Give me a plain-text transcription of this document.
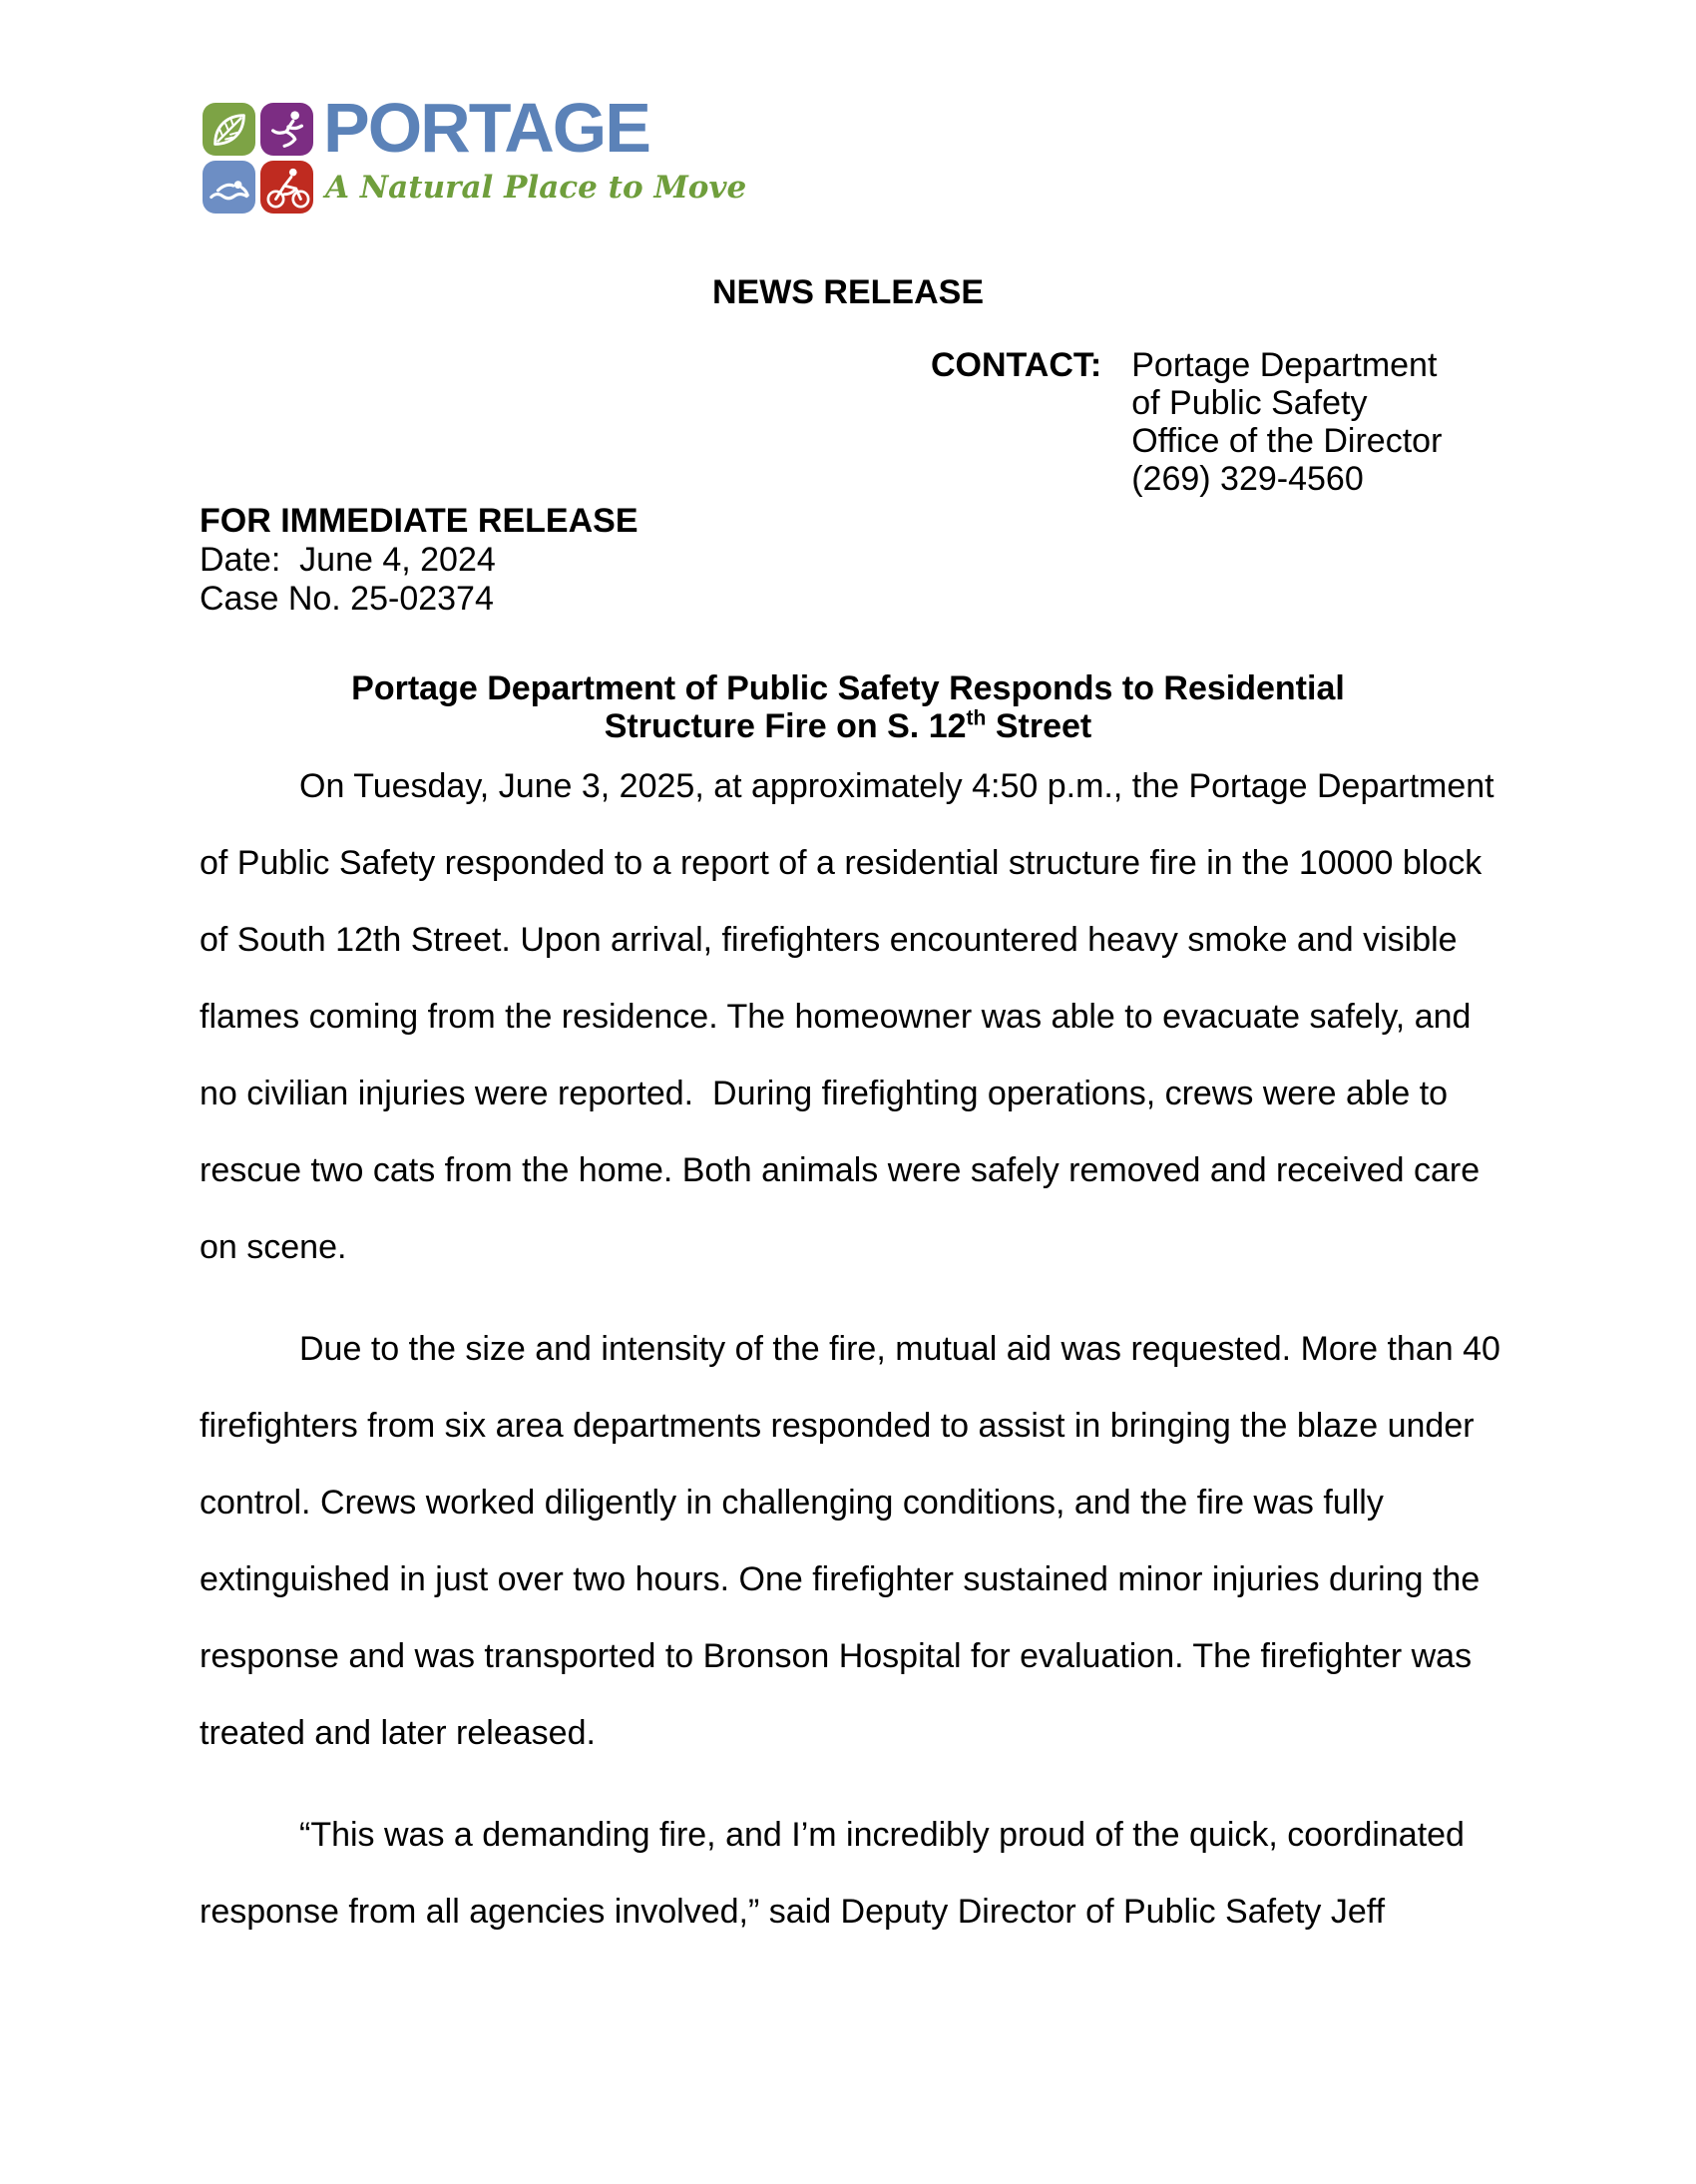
PORTAGE
A Natural Place to Move
NEWS RELEASE
CONTACT: Portage Department
of Public Safety
Office of the Director
(269) 329-4560
FOR IMMEDIATE RELEASE
Date:  June 4, 2024
Case No. 25-02374
Portage Department of Public Safety Responds to Residential
Structure Fire on S. 12th Street

On Tuesday, June 3, 2025, at approximately 4:50 p.m., the Portage Department of Public Safety responded to a report of a residential structure fire in the 10000 block of South 12th Street. Upon arrival, firefighters encountered heavy smoke and visible flames coming from the residence. The homeowner was able to evacuate safely, and no civilian injuries were reported.  During firefighting operations, crews were able to rescue two cats from the home. Both animals were safely removed and received care on scene.

Due to the size and intensity of the fire, mutual aid was requested. More than 40 firefighters from six area departments responded to assist in bringing the blaze under control. Crews worked diligently in challenging conditions, and the fire was fully extinguished in just over two hours. One firefighter sustained minor injuries during the response and was transported to Bronson Hospital for evaluation. The firefighter was treated and later released.

“This was a demanding fire, and I’m incredibly proud of the quick, coordinated response from all agencies involved,” said Deputy Director of Public Safety Jeff
